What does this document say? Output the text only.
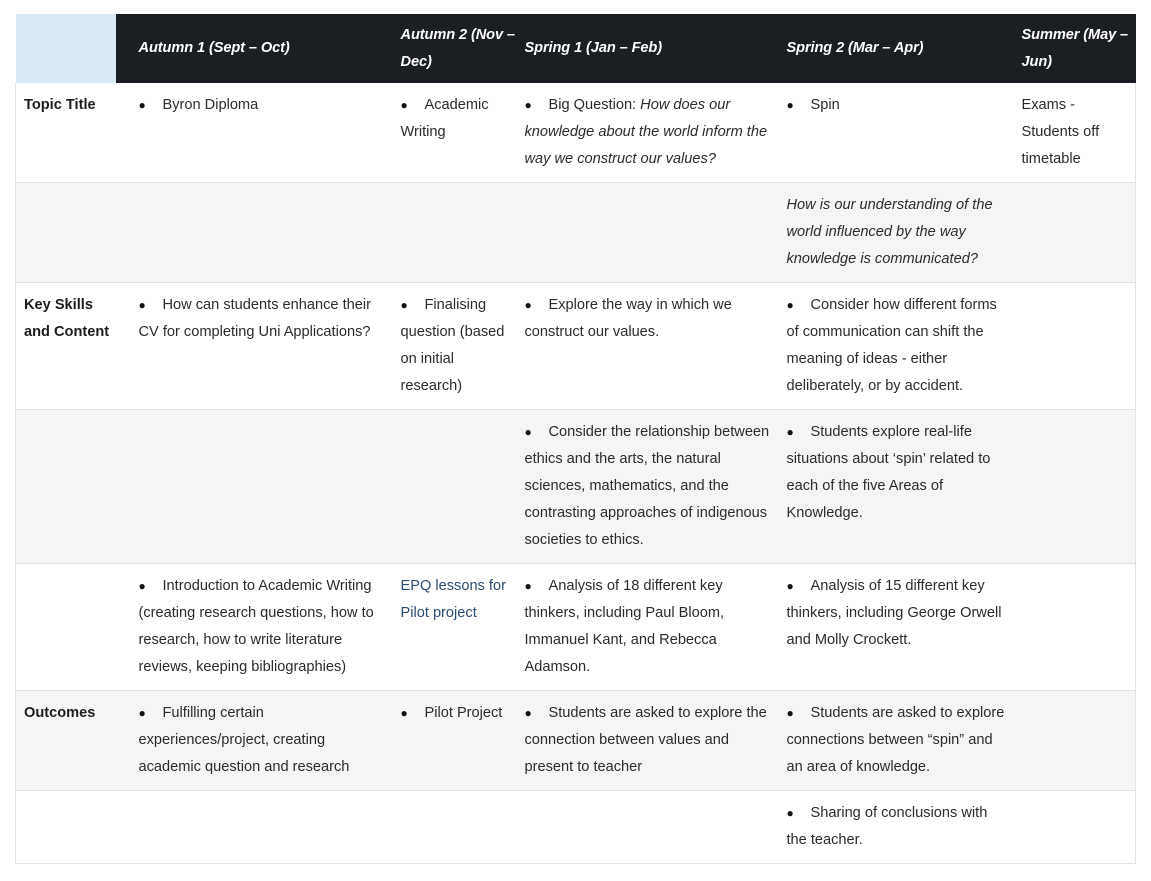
	Autumn 1 (Sept – Oct)	Autumn 2 (Nov – Dec)	Spring 1 (Jan – Feb)	Spring 2 (Mar – Apr)	Summer (May – Jun)
Topic Title	● Byron Diploma	● Academic Writing	● Big Question: How does our knowledge about the world inform the way we construct our values?	● Spin	Exams - Students off timetable
				How is our understanding of the world influenced by the way knowledge is communicated?	
Key Skills and Content	● How can students enhance their CV for completing Uni Applications?	● Finalising question (based on initial research)	● Explore the way in which we construct our values.	● Consider how different forms of communication can shift the meaning of ideas - either deliberately, or by accident.	
			● Consider the relationship between ethics and the arts, the natural sciences, mathematics, and the contrasting approaches of indigenous societies to ethics.	● Students explore real-life situations about ‘spin’ related to each of the five Areas of Knowledge.	
	● Introduction to Academic Writing (creating research questions, how to research, how to write literature reviews, keeping bibliographies)	EPQ lessons for Pilot project	● Analysis of 18 different key thinkers, including Paul Bloom, Immanuel Kant, and Rebecca Adamson.	● Analysis of 15 different key thinkers, including George Orwell and Molly Crockett.	
Outcomes	● Fulfilling certain experiences/project, creating academic question and research	● Pilot Project	● Students are asked to explore the connection between values and present to teacher	● Students are asked to explore connections between “spin” and an area of knowledge.	
				● Sharing of conclusions with the teacher.	
